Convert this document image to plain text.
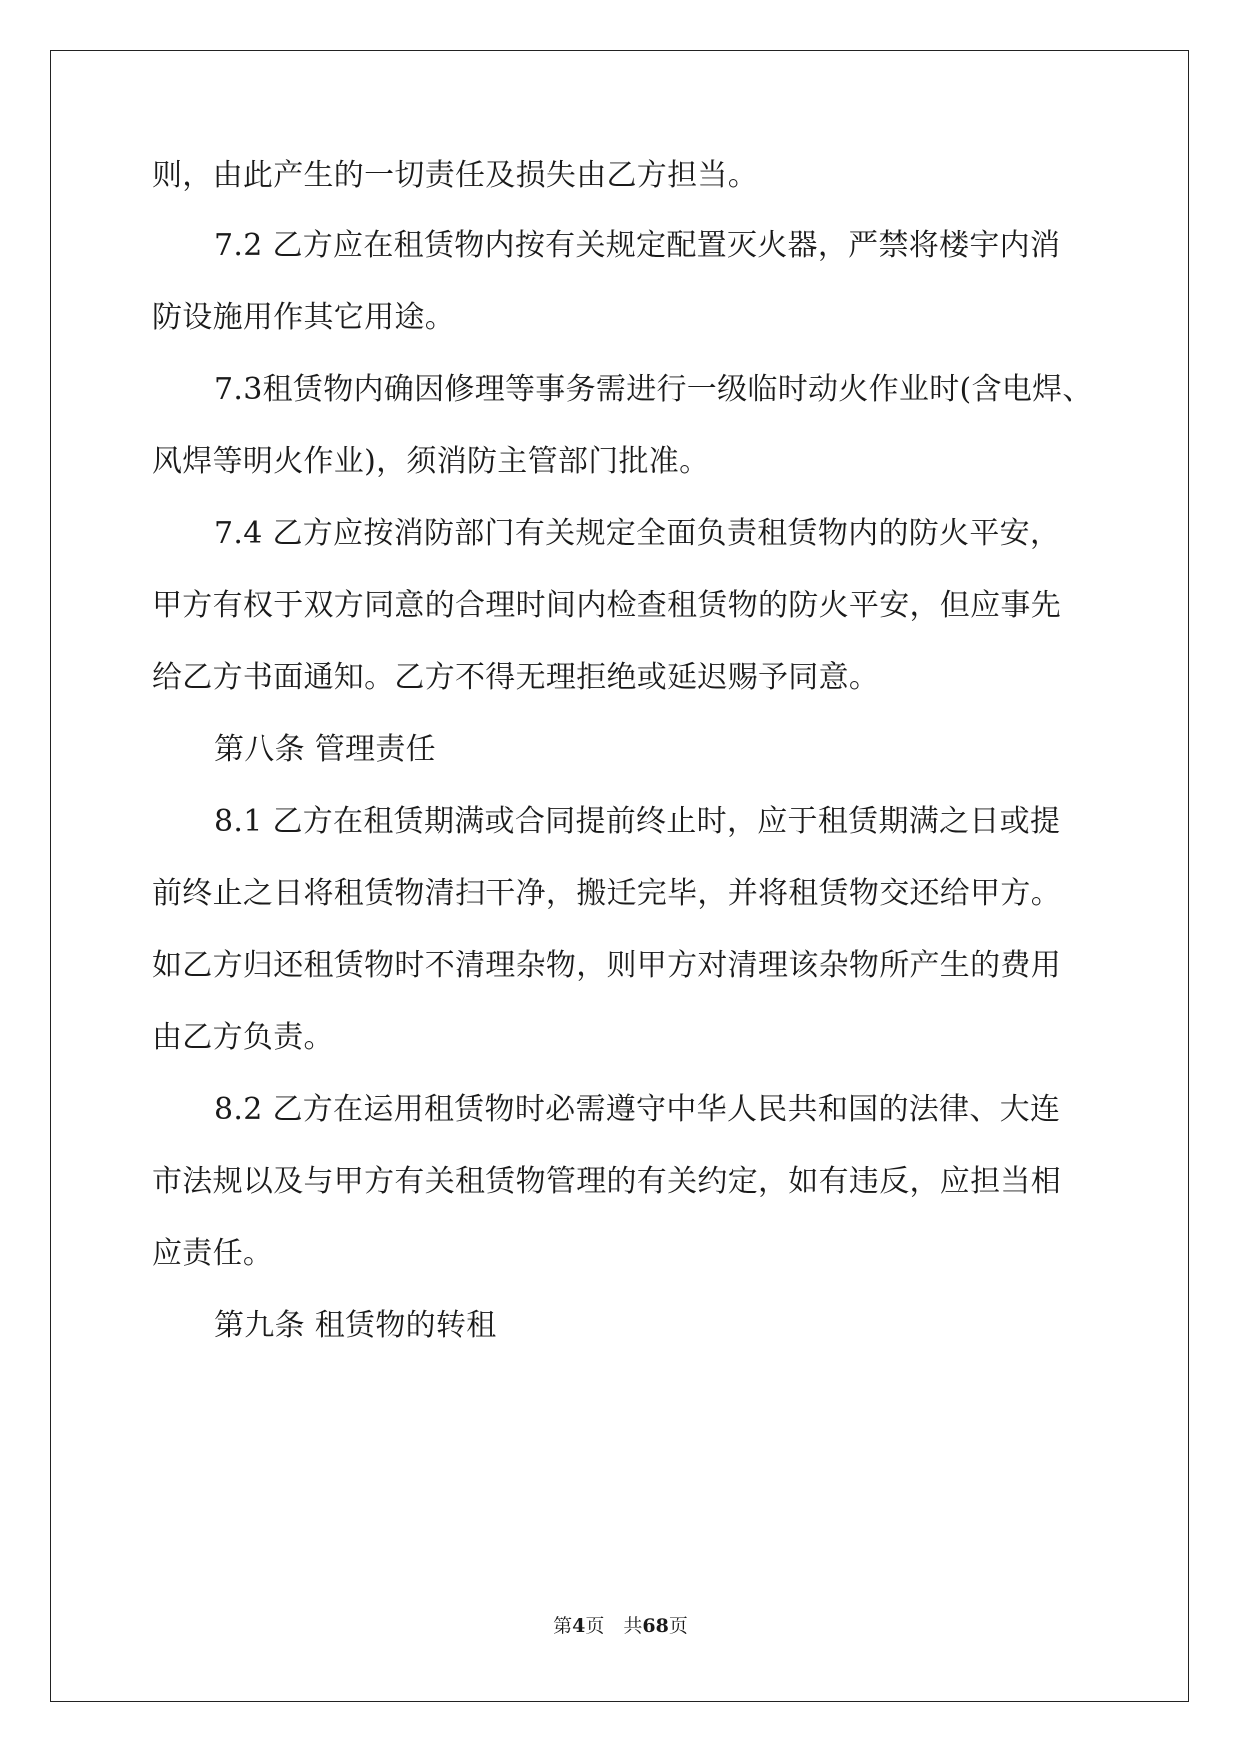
则，由此产生的一切责任及损失由乙方担当。
7.2 乙方应在租赁物内按有关规定配置灭火器，严禁将楼宇内消
防设施用作其它用途。
7.3租赁物内确因修理等事务需进行一级临时动火作业时(含电焊、
风焊等明火作业)，须消防主管部门批准。
7.4 乙方应按消防部门有关规定全面负责租赁物内的防火平安，
甲方有权于双方同意的合理时间内检查租赁物的防火平安，但应事先
给乙方书面通知。乙方不得无理拒绝或延迟赐予同意。
第八条 管理责任
8.1 乙方在租赁期满或合同提前终止时，应于租赁期满之日或提
前终止之日将租赁物清扫干净，搬迁完毕，并将租赁物交还给甲方。
如乙方归还租赁物时不清理杂物，则甲方对清理该杂物所产生的费用
由乙方负责。
8.2 乙方在运用租赁物时必需遵守中华人民共和国的法律、大连
市法规以及与甲方有关租赁物管理的有关约定，如有违反，应担当相
应责任。
第九条 租赁物的转租
第4页　共68页
